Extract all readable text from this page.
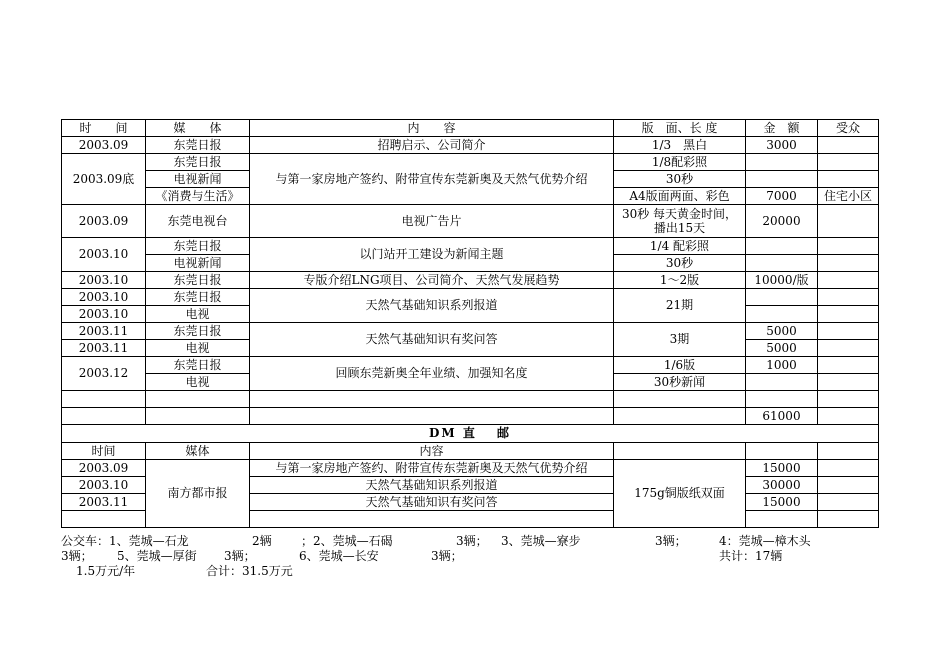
时　　间	媒　　体	内　　容	版　面、长 度	金　额	受众
2003.09	东莞日报	招聘启示、公司简介	1/3　黑白	3000	
2003.09底	东莞日报	与第一家房地产签约、附带宣传东莞新奥及天然气优势介绍	1/8配彩照		
	电视新闻		30秒		
	《消费与生活》		A4版面两面、彩色	7000	住宅小区
2003.09	东莞电视台	电视广告片	30秒 每天黄金时间，播出15天	20000	
2003.10	东莞日报	以门站开工建设为新闻主题	1/4 配彩照		
	电视新闻		30秒		
2003.10	东莞日报	专版介绍LNG项目、公司简介、天然气发展趋势	1～2版	10000/版	
2003.10	东莞日报	天然气基础知识系列报道	21期		
2003.10	电视				
2003.11	东莞日报	天然气基础知识有奖问答	3期	5000	
2003.11	电视			5000	
2003.12	东莞日报	回顾东莞新奥全年业绩、加强知名度	1/6版	1000	
	电视		30秒新闻		

				61000	
DM 直　 邮					
时间	媒体	内容			
2003.09	南方都市报	与第一家房地产签约、附带宣传东莞新奥及天然气优势介绍	175g铜版纸双面	15000	
2003.10		天然气基础知识系列报道		30000	
2003.11		天然气基础知识有奖问答		15000	

公交车：1、莞城—石龙	2辆 ；2、莞城—石碣	3辆； 3、莞城—寮步	3辆；	4：莞城—樟木头
3辆； 5、莞城—厚街 3辆；	6、莞城—长安	3辆；	共计：17辆
1.5万元/年	合计：31.5万元
